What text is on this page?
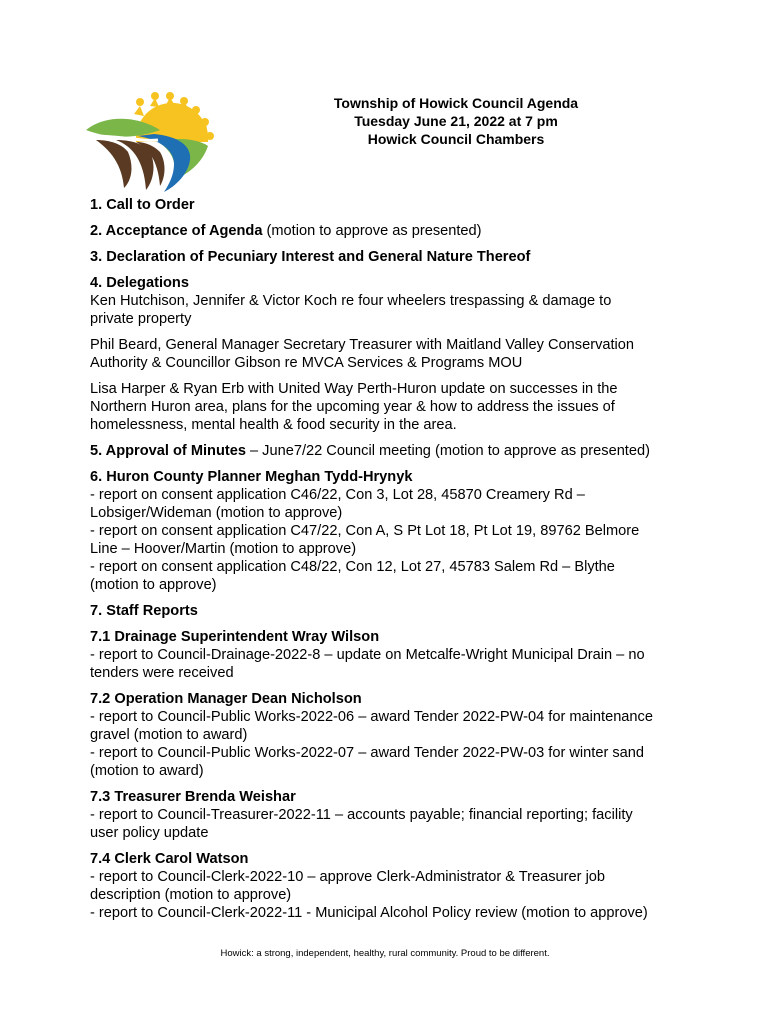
Township of Howick Council Agenda
Tuesday June 21, 2022 at 7 pm
Howick Council Chambers
1. Call to Order
2. Acceptance of Agenda (motion to approve as presented)
3. Declaration of Pecuniary Interest and General Nature Thereof
4. Delegations
Ken Hutchison, Jennifer & Victor Koch re four wheelers trespassing & damage to
private property
Phil Beard, General Manager Secretary Treasurer with Maitland Valley Conservation
Authority & Councillor Gibson re MVCA Services & Programs MOU
Lisa Harper & Ryan Erb with United Way Perth-Huron update on successes in the
Northern Huron area, plans for the upcoming year & how to address the issues of
homelessness, mental health & food security in the area.
5. Approval of Minutes – June7/22 Council meeting (motion to approve as presented)
6. Huron County Planner Meghan Tydd-Hrynyk
- report on consent application C46/22, Con 3, Lot 28, 45870 Creamery Rd –
Lobsiger/Wideman (motion to approve)
- report on consent application C47/22, Con A, S Pt Lot 18, Pt Lot 19, 89762 Belmore
Line – Hoover/Martin (motion to approve)
- report on consent application C48/22, Con 12, Lot 27, 45783 Salem Rd – Blythe
(motion to approve)
7. Staff Reports
7.1 Drainage Superintendent Wray Wilson
- report to Council-Drainage-2022-8 – update on Metcalfe-Wright Municipal Drain – no
tenders were received
7.2 Operation Manager Dean Nicholson
- report to Council-Public Works-2022-06 – award Tender 2022-PW-04 for maintenance
gravel (motion to award)
- report to Council-Public Works-2022-07 – award Tender 2022-PW-03 for winter sand
(motion to award)
7.3 Treasurer Brenda Weishar
- report to Council-Treasurer-2022-11 – accounts payable; financial reporting; facility
user policy update
7.4 Clerk Carol Watson
- report to Council-Clerk-2022-10 – approve Clerk-Administrator & Treasurer job
description (motion to approve)
- report to Council-Clerk-2022-11 - Municipal Alcohol Policy review (motion to approve)
Howick: a strong, independent, healthy, rural community. Proud to be different.
